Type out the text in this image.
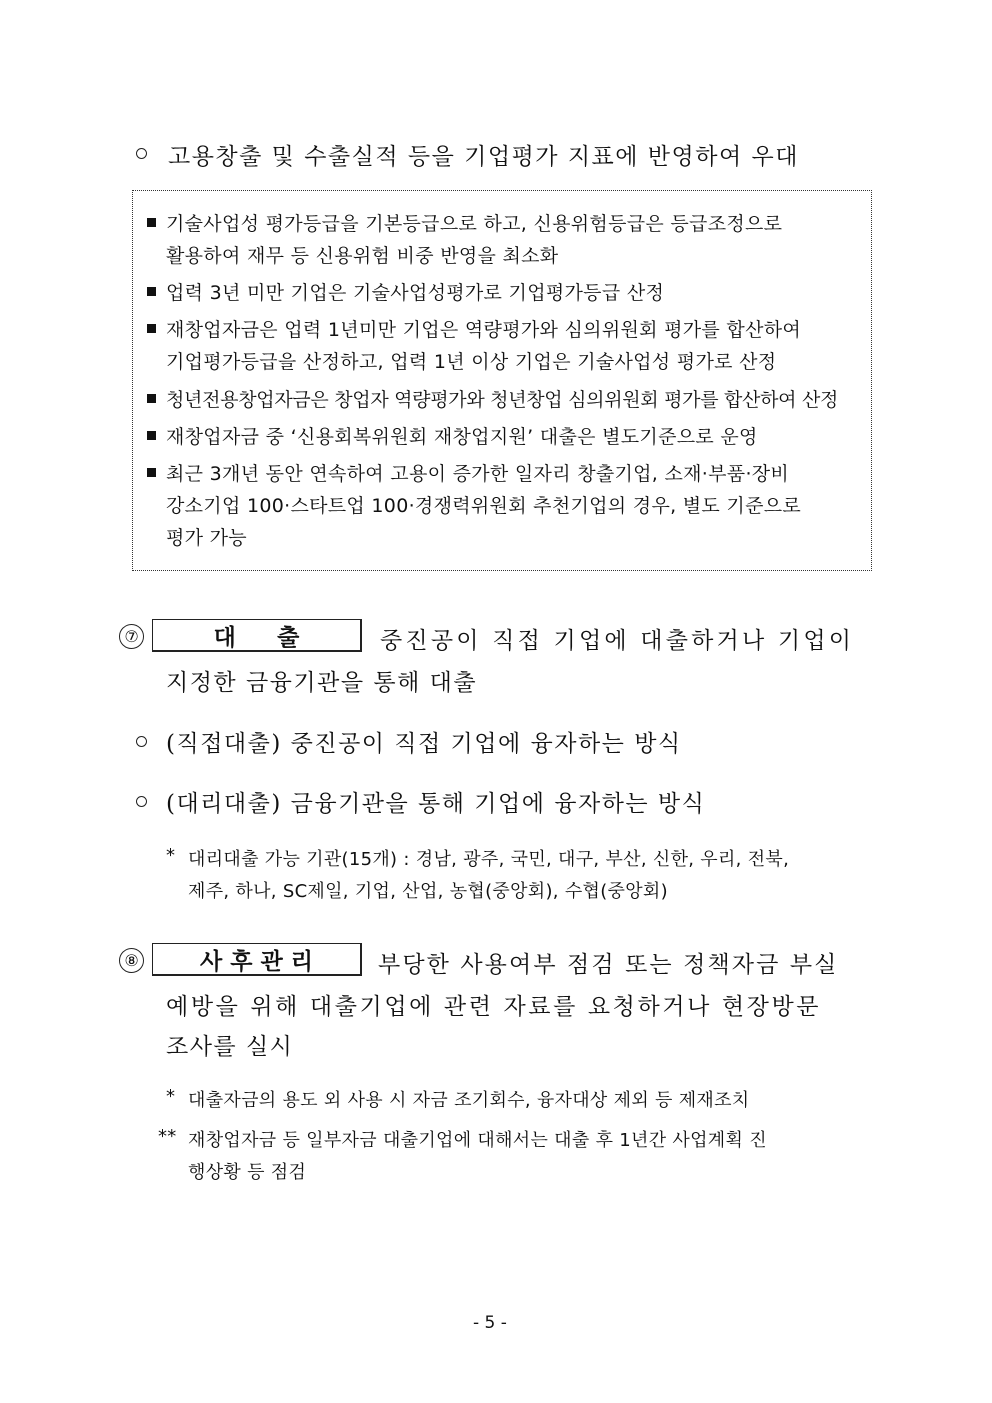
고용창출 및 수출실적 등을 기업평가 지표에 반영하여 우대
기술사업성 평가등급을 기본등급으로 하고, 신용위험등급은 등급조정으로
활용하여 재무 등 신용위험 비중 반영을 최소화
업력 3년 미만 기업은 기술사업성평가로 기업평가등급 산정
재창업자금은 업력 1년미만 기업은 역량평가와 심의위원회 평가를 합산하여
기업평가등급을 산정하고, 업력 1년 이상 기업은 기술사업성 평가로 산정
청년전용창업자금은 창업자 역량평가와 청년창업 심의위원회 평가를 합산하여 산정
재창업자금 중 ‘신용회복위원회 재창업지원’ 대출은 별도기준으로 운영
최근 3개년 동안 연속하여 고용이 증가한 일자리 창출기업, 소재·부품·장비
강소기업 100·스타트업 100·경쟁력위원회 추천기업의 경우, 별도 기준으로
평가 가능
⑦	대 출	중진공이 직접 기업에 대출하거나 기업이
지정한 금융기관을 통해 대출
(직접대출) 중진공이 직접 기업에 융자하는 방식
(대리대출) 금융기관을 통해 기업에 융자하는 방식
* 대리대출 가능 기관(15개) : 경남, 광주, 국민, 대구, 부산, 신한, 우리, 전북,
제주, 하나, SC제일, 기업, 산업, 농협(중앙회), 수협(중앙회)
⑧	사 후 관 리	부당한 사용여부 점검 또는 정책자금 부실
예방을 위해 대출기업에 관련 자료를 요청하거나 현장방문
조사를 실시
* 대출자금의 용도 외 사용 시 자금 조기회수, 융자대상 제외 등 제재조치
** 재창업자금 등 일부자금 대출기업에 대해서는 대출 후 1년간 사업계획 진
행상황 등 점검
- 5 -
